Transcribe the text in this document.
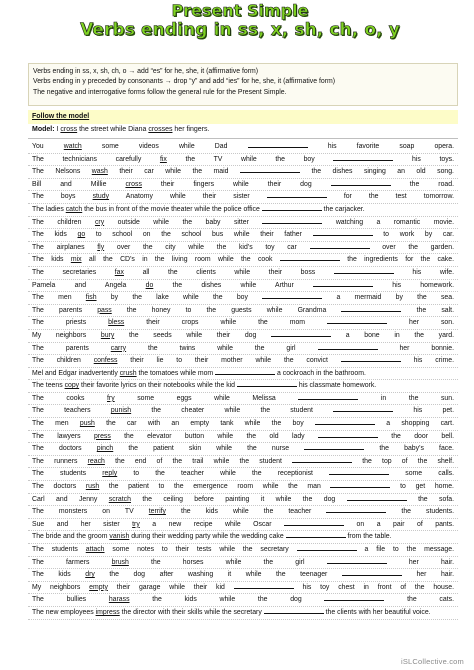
Present Simple
Verbs ending in ss, x, sh, ch, o, y
Verbs ending in ss, x, sh, ch, o → add “es” for he, she, it (affirmative form)
Verbs ending in y preceded by consonants → drop “y” and add “ies” for he, she, it (affirmative form)
The negative and interrogative forms follow the general rule for the Present Simple.
Follow the model
Model: I cross the street while Diana crosses her fingers.
You watch some videos while Dad	his favorite soap opera.
The technicians carefully fix the TV while the boy	his toys.
The Nelsons wash their car while the maid	the dishes singing an old song.
Bill and Millie cross their fingers while their dog	the road.
The boys study Anatomy while their sister	for the test tomorrow.
The ladies catch the bus in front of the movie theater while the police office	the carjacker.
The children cry outside while the baby sitter	watching a romantic movie.
The kids go to school on the school bus while their father	to work by car.
The airplanes fly over the city while the kid’s toy car	over the garden.
The kids mix all the CD’s in the living room while the cook	the ingredients for the cake.
The secretaries fax all the clients while their boss	his wife.
Pamela and Angela do the dishes while Arthur	his homework.
The men fish by the lake while the boy	a mermaid by the sea.
The parents pass the honey to the guests while Grandma	the salt.
The priests bless their crops while the mom	her son.
My neighbors bury the seeds while their dog	a bone in the yard.
The parents carry the twins while the girl	her bonnie.
The children confess their lie to their mother while the convict	his crime.
Mel and Edgar inadvertently crush the tomatoes while mom	a cockroach in the bathroom.
The teens copy their favorite lyrics on their notebooks while the kid	his classmate homework.
The cooks fry some eggs while Melissa	in the sun.
The teachers punish the cheater while the student	his pet.
The men push the car with an empty tank while the boy	a shopping cart.
The lawyers press the elevator button while the old lady	the door bell.
The doctors pinch the patient skin while the nurse	the baby’s face.
The runners reach the end of the trail while the student	the top of the shelf.
The students reply to the teacher while the receptionist	some calls.
The doctors rush the patient to the emergence room while the man	to get home.
Carl and Jenny scratch the ceiling before painting it while the dog	the sofa.
The monsters on TV terrify the kids while the teacher	the students.
Sue and her sister try a new recipe while Oscar	on a pair of pants.
The bride and the groom vanish during their wedding party while the wedding cake	from the table.
The students attach some notes to their tests while the secretary	a file to the message.
The farmers brush the horses while the girl	her hair.
The kids dry the dog after washing it while the teenager	her hair.
My neighbors empty their garage while their kid	his toy chest in front of the house.
The bullies harass the kids while the dog	the cats.
The new employees impress the director with their skills while the secretary	the clients with her beautiful voice.
iSLCollective.com
